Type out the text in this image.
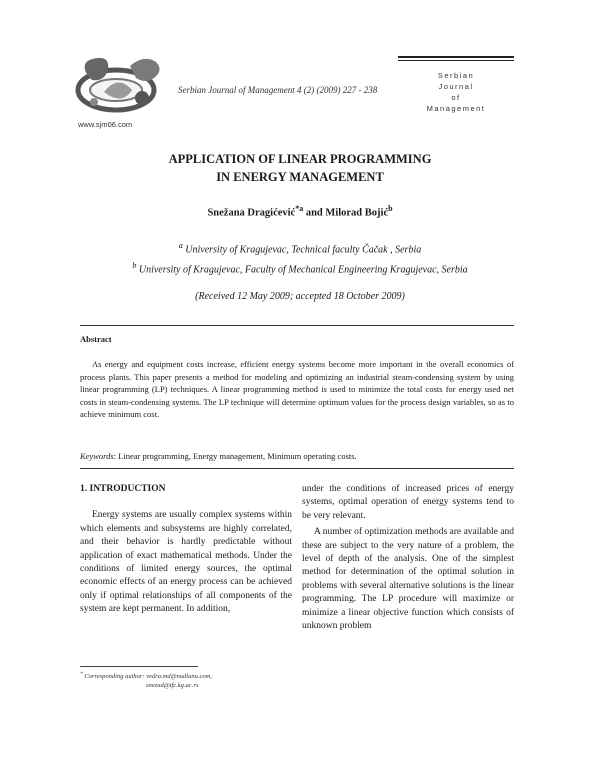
www.sjm06.com
Serbian Journal of Management 4 (2) (2009) 227 - 238
Serbian
Journal
of
Management
APPLICATION OF LINEAR PROGRAMMING
IN ENERGY MANAGEMENT
Snežana Dragićević$^{*a}$ and Milorad Bojić$^b$
$^a$ University of Kragujevac, Technical faculty Čačak , Serbia
$^b$ University of Kragujevac, Faculty of Mechanical Engineering Kragujevac, Serbia
(Received 12 May 2009; accepted 18 October 2009)
Abstract
As energy and equipment costs increase, efficient energy systems become more important in the overall economics of process plants. This paper presents a method for modeling and optimizing an industrial steam-condensing system by using linear programming (LP) techniques. A linear programming method is used to minimize the total costs for energy used net costs in steam-condensing systems. The LP technique will determine optimum values for the process design variables, so as to achieve minimum cost.
Keywords: Linear programming, Energy management, Minimum operating costs.
1. INTRODUCTION

Energy systems are usually complex systems within which elements and subsystems are highly correlated, and their behavior is hardly predictable without application of exact mathematical methods. Under the conditions of limited energy sources, the optimal economic effects of an energy process can be achieved only if optimal relationships of all components of the system are kept permanent. In addition,

under the conditions of increased prices of energy systems, optimal operation of energy systems tend to be very relevant.

A number of optimization methods are available and these are subject to the very nature of a problem, the level of depth of the analysis. One of the simplest method for determination of the optimal solution in problems with several alternative solutions is the linear programming. The LP procedure will maximize or minimize a linear objective function which consists of unknown problem

* Corresponding author: vedra.md@nadlanu.com,
snezad@tfc.kg.ac.rs
